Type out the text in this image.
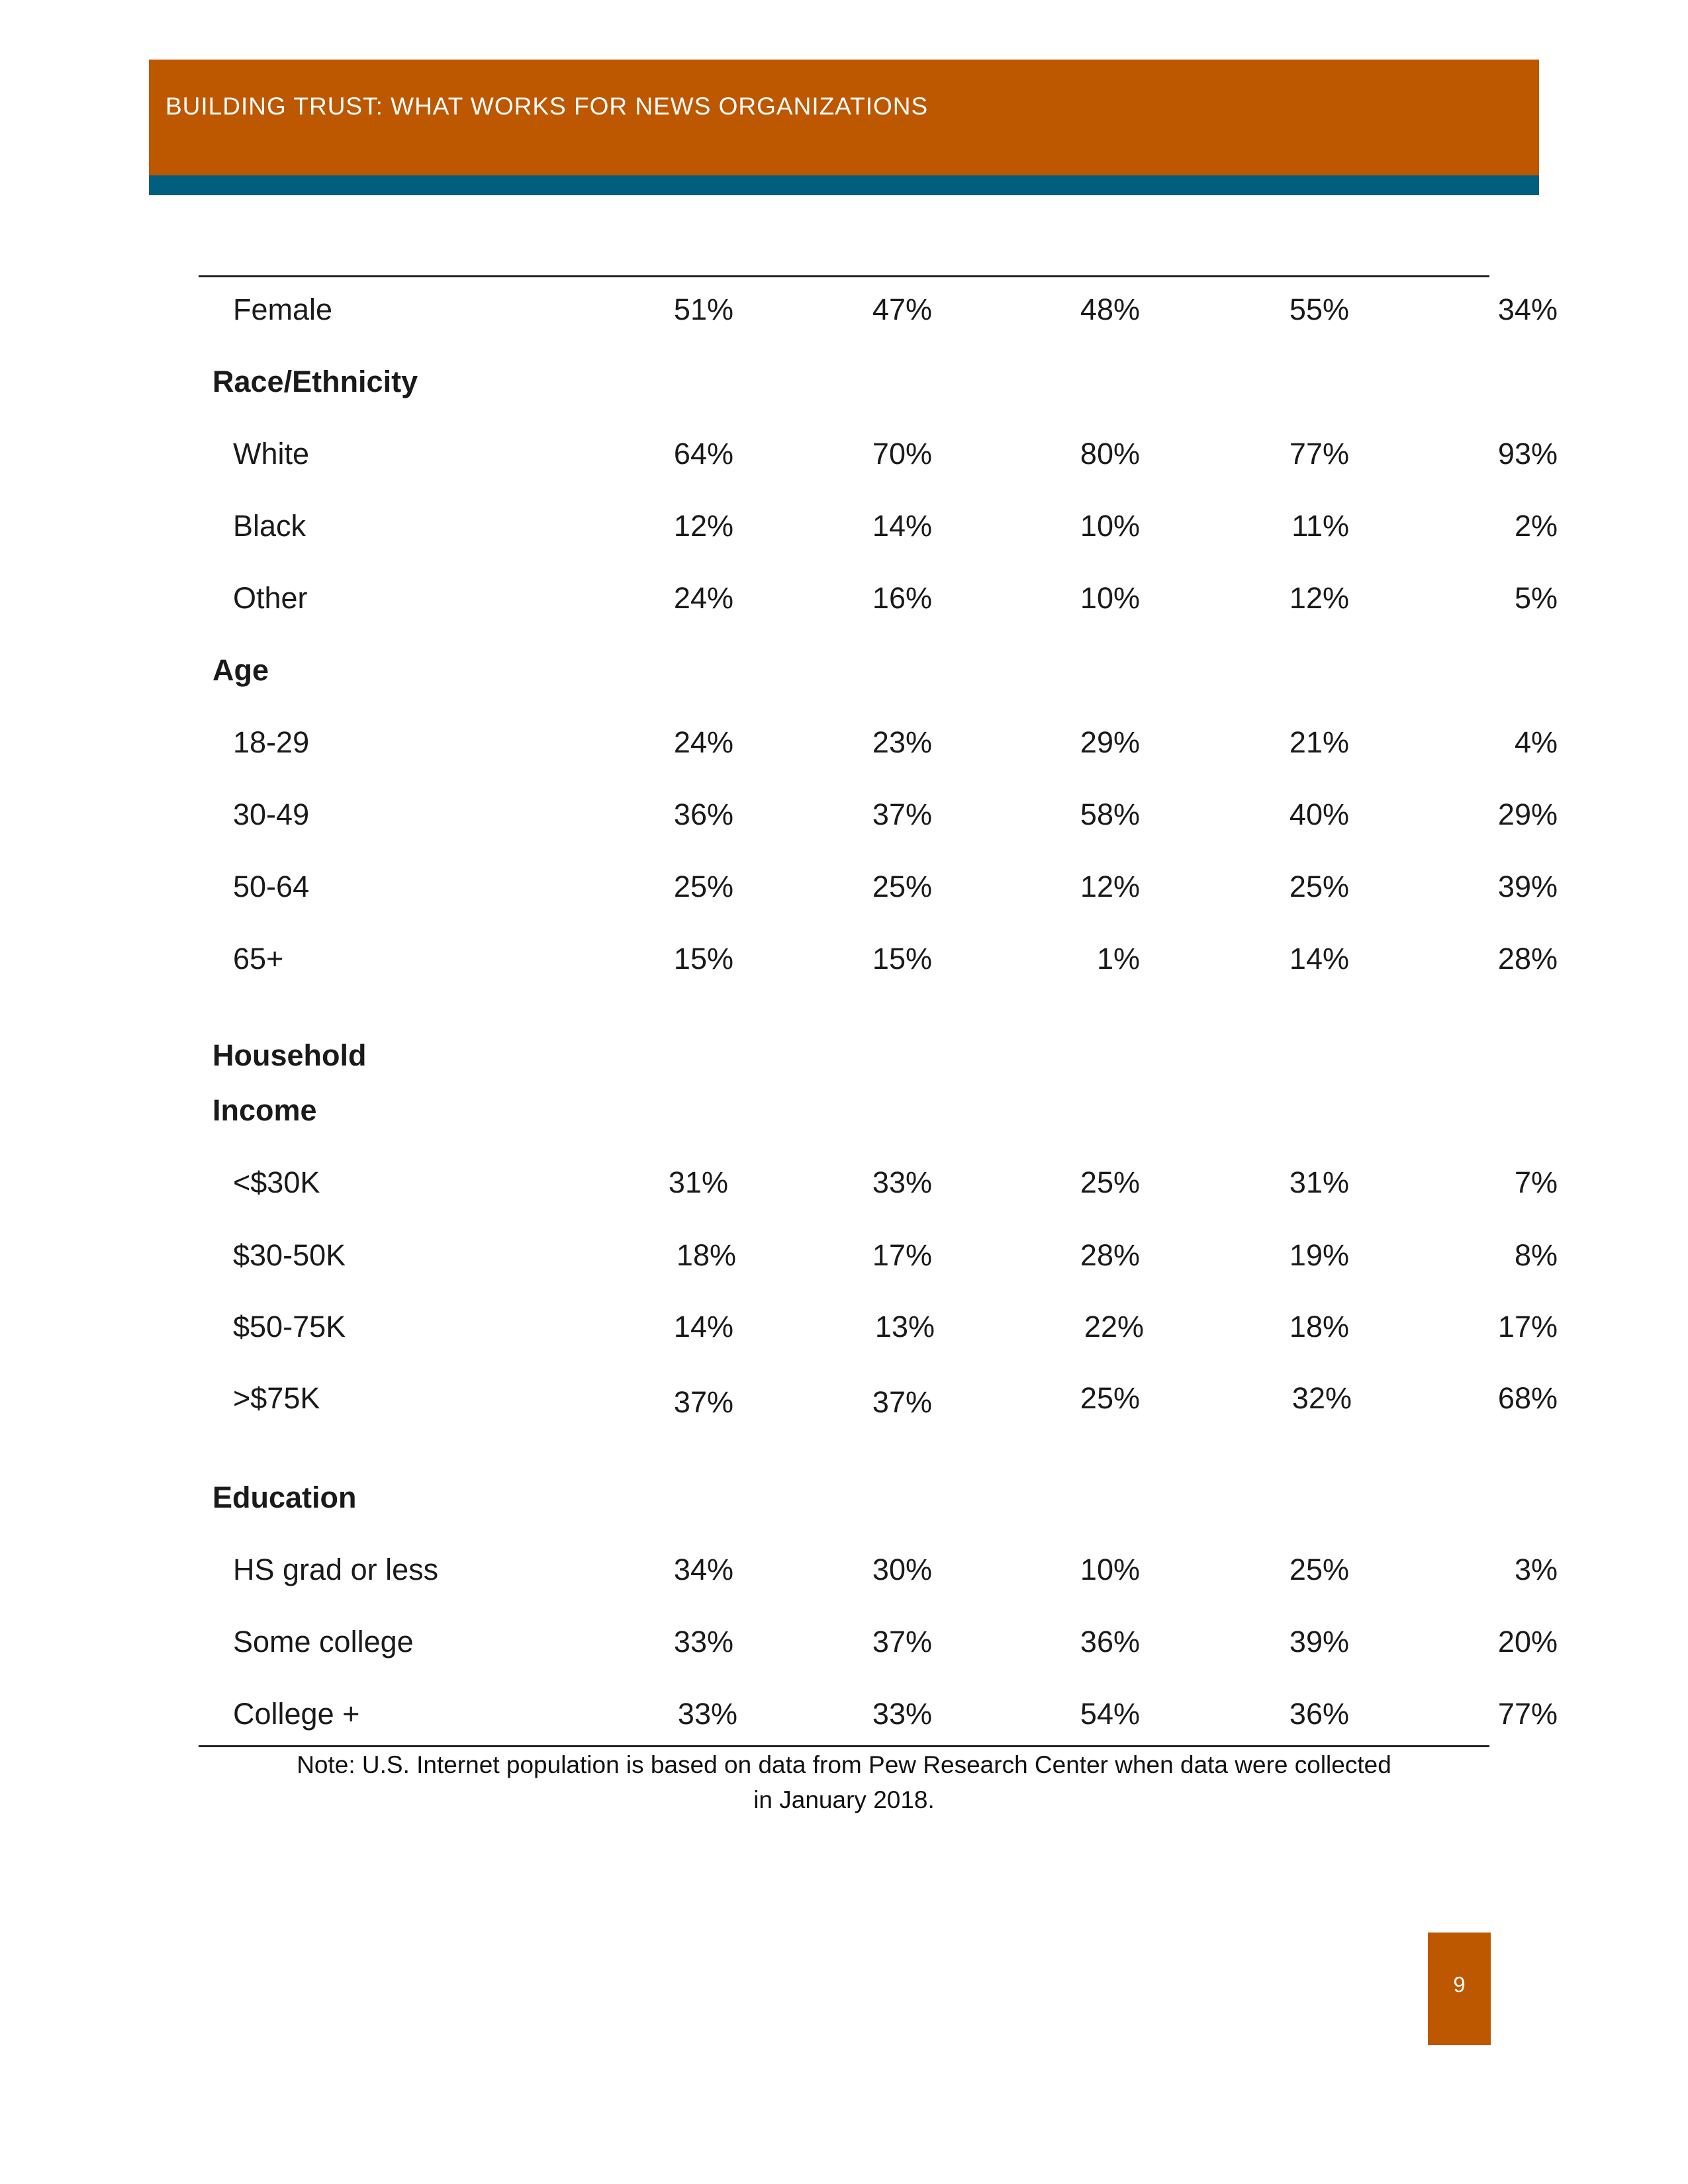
BUILDING TRUST: WHAT WORKS FOR NEWS ORGANIZATIONS
Female	51%	47%	48%	55%	34%
Race/Ethnicity
White	64%	70%	80%	77%	93%
Black	12%	14%	10%	11%	2%
Other	24%	16%	10%	12%	5%
Age
18-29	24%	23%	29%	21%	4%
30-49	36%	37%	58%	40%	29%
50-64	25%	25%	12%	25%	39%
65+	15%	15%	1%	14%	28%
Household
Income
<$30K	31%	33%	25%	31%	7%
$30-50K	18%	17%	28%	19%	8%
$50-75K	14%	13%	22%	18%	17%
>$75K	37%	37%	25%	32%	68%
Education
HS grad or less	34%	30%	10%	25%	3%
Some college	33%	37%	36%	39%	20%
College +	33%	33%	54%	36%	77%
Note: U.S. Internet population is based on data from Pew Research Center when data were collected
in January 2018.
9
